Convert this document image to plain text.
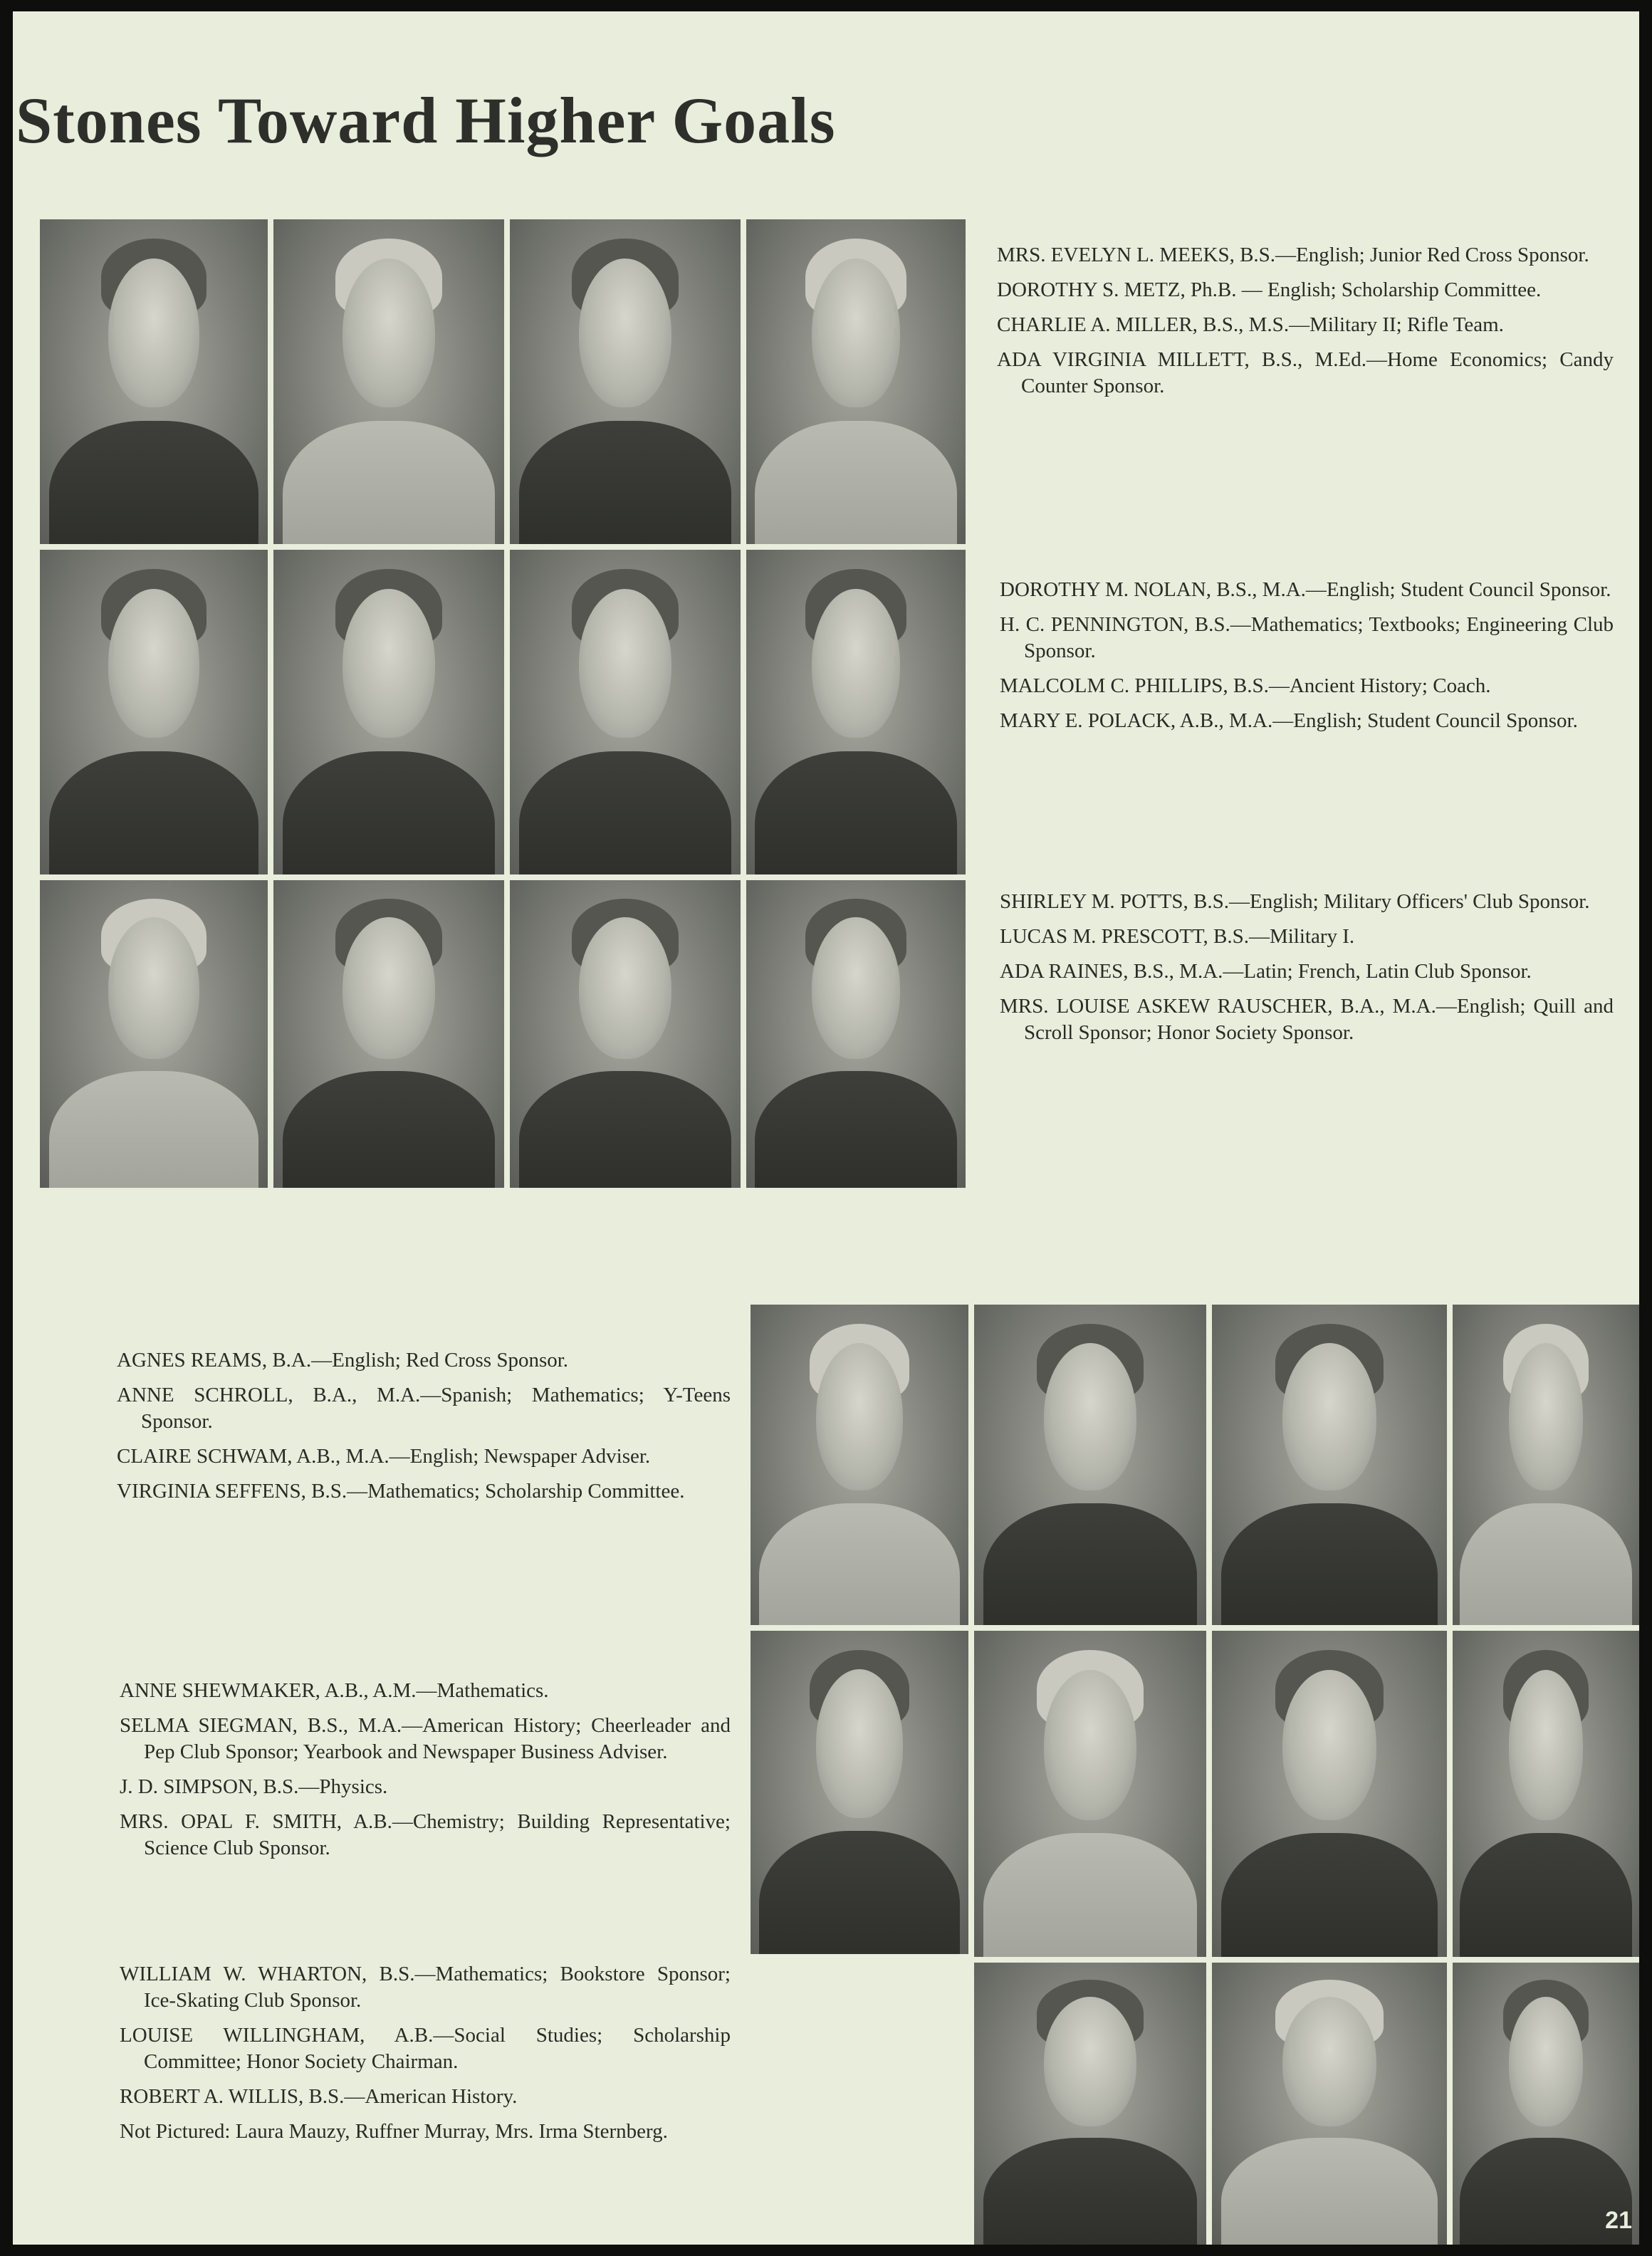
Stones Toward Higher Goals

MRS. EVELYN L. MEEKS, B.S.—English; Junior Red Cross Sponsor.

DOROTHY S. METZ, Ph.B. — English; Scholarship Committee.

CHARLIE A. MILLER, B.S., M.S.—Military II; Rifle Team.

ADA VIRGINIA MILLETT, B.S., M.Ed.—Home Economics; Candy Counter Sponsor.

DOROTHY M. NOLAN, B.S., M.A.—English; Student Council Sponsor.

H. C. PENNINGTON, B.S.—Mathematics; Textbooks; Engineering Club Sponsor.

MALCOLM C. PHILLIPS, B.S.—Ancient History; Coach.

MARY E. POLACK, A.B., M.A.—English; Student Council Sponsor.

SHIRLEY M. POTTS, B.S.—English; Military Officers' Club Sponsor.

LUCAS M. PRESCOTT, B.S.—Military I.

ADA RAINES, B.S., M.A.—Latin; French, Latin Club Sponsor.

MRS. LOUISE ASKEW RAUSCHER, B.A., M.A.—English; Quill and Scroll Sponsor; Honor Society Sponsor.

AGNES REAMS, B.A.—English; Red Cross Sponsor.

ANNE SCHROLL, B.A., M.A.—Spanish; Mathematics; Y-Teens Sponsor.

CLAIRE SCHWAM, A.B., M.A.—English; Newspaper Adviser.

VIRGINIA SEFFENS, B.S.—Mathematics; Scholarship Committee.

ANNE SHEWMAKER, A.B., A.M.—Mathematics.

SELMA SIEGMAN, B.S., M.A.—American History; Cheerleader and Pep Club Sponsor; Yearbook and Newspaper Business Adviser.

J. D. SIMPSON, B.S.—Physics.

MRS. OPAL F. SMITH, A.B.—Chemistry; Building Representative; Science Club Sponsor.

WILLIAM W. WHARTON, B.S.—Mathematics; Bookstore Sponsor; Ice-Skating Club Sponsor.

LOUISE WILLINGHAM, A.B.—Social Studies; Scholarship Committee; Honor Society Chairman.

ROBERT A. WILLIS, B.S.—American History.

Not Pictured: Laura Mauzy, Ruffner Murray, Mrs. Irma Sternberg.

21
